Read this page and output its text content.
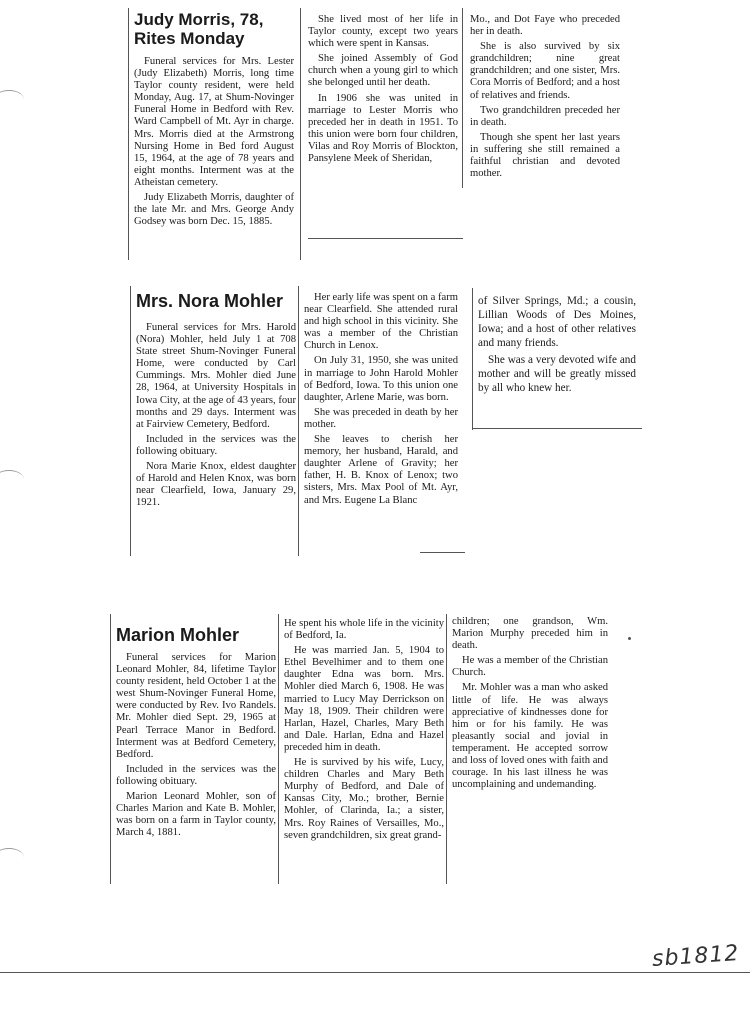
Judy Morris, 78,
Rites Monday

Funeral services for Mrs. Lester (Judy Elizabeth) Morris, long time Taylor county resident, were held Monday, Aug. 17, at Shum-Novinger Funeral Home in Bedford with Rev. Ward Campbell of Mt. Ayr in charge. Mrs. Morris died at the Armstrong Nursing Home in Bed ford August 15, 1964, at the age of 78 years and eight months. Interment was at the Atheistan cemetery.

Judy Elizabeth Morris, daughter of the late Mr. and Mrs. George Andy Godsey was born Dec. 15, 1885.

She lived most of her life in Taylor county, except two years which were spent in Kansas.

She joined Assembly of God church when a young girl to which she belonged until her death.

In 1906 she was united in marriage to Lester Morris who preceded her in death in 1951. To this union were born four children, Vilas and Roy Morris of Blockton, Pansylene Meek of Sheridan,

Mo., and Dot Faye who preceded her in death.

She is also survived by six grandchildren; nine great grandchildren; and one sister, Mrs. Cora Morris of Bedford; and a host of relatives and friends.

Two grandchildren preceded her in death.

Though she spent her last years in suffering she still remained a faithful christian and devoted mother.

Mrs. Nora Mohler

Funeral services for Mrs. Harold (Nora) Mohler, held July 1 at 708 State street Shum-Novinger Funeral Home, were conducted by Carl Cummings. Mrs. Mohler died June 28, 1964, at University Hospitals in Iowa City, at the age of 43 years, four months and 29 days. Interment was at Fairview Cemetery, Bedford.

Included in the services was the following obituary.

Nora Marie Knox, eldest daughter of Harold and Helen Knox, was born near Clearfield, Iowa, January 29, 1921.

Her early life was spent on a farm near Clearfield. She attended rural and high school in this vicinity. She was a member of the Christian Church in Lenox.

On July 31, 1950, she was united in marriage to John Harold Mohler of Bedford, Iowa. To this union one daughter, Arlene Marie, was born.

She was preceded in death by her mother.

She leaves to cherish her memory, her husband, Harald, and daughter Arlene of Gravity; her father, H. B. Knox of Lenox; two sisters, Mrs. Max Pool of Mt. Ayr, and Mrs. Eugene La Blanc

of Silver Springs, Md.; a cousin, Lillian Woods of Des Moines, Iowa; and a host of other relatives and many friends.

She was a very devoted wife and mother and will be greatly missed by all who knew her.

Marion Mohler

Funeral services for Marion Leonard Mohler, 84, lifetime Taylor county resident, held October 1 at the west Shum-Novinger Funeral Home, were conducted by Rev. Ivo Randels. Mr. Mohler died Sept. 29, 1965 at Pearl Terrace Manor in Bedford. Interment was at Bedford Cemetery, Bedford.

Included in the services was the following obituary.

Marion Leonard Mohler, son of Charles Marion and Kate B. Mohler, was born on a farm in Taylor county, March 4, 1881.

He spent his whole life in the vicinity of Bedford, Ia.

He was married Jan. 5, 1904 to Ethel Bevelhimer and to them one daughter Edna was born. Mrs. Mohler died March 6, 1908. He was married to Lucy May Derrickson on May 18, 1909. Their children were Harlan, Hazel, Charles, Mary Beth and Dale. Harlan, Edna and Hazel preceded him in death.

He is survived by his wife, Lucy, children Charles and Mary Beth Murphy of Bedford, and Dale of Kansas City, Mo.; brother, Bernie Mohler, of Clarinda, Ia.; a sister, Mrs. Roy Raines of Versailles, Mo., seven grandchildren, six great grand-

children; one grandson, Wm. Marion Murphy preceded him in death.

He was a member of the Christian Church.

Mr. Mohler was a man who asked little of life. He was always appreciative of kindnesses done for him or for his family. He was pleasantly social and jovial in temperament. He accepted sorrow and loss of loved ones with faith and courage. In his last illness he was uncomplaining and undemanding.

sb1812
